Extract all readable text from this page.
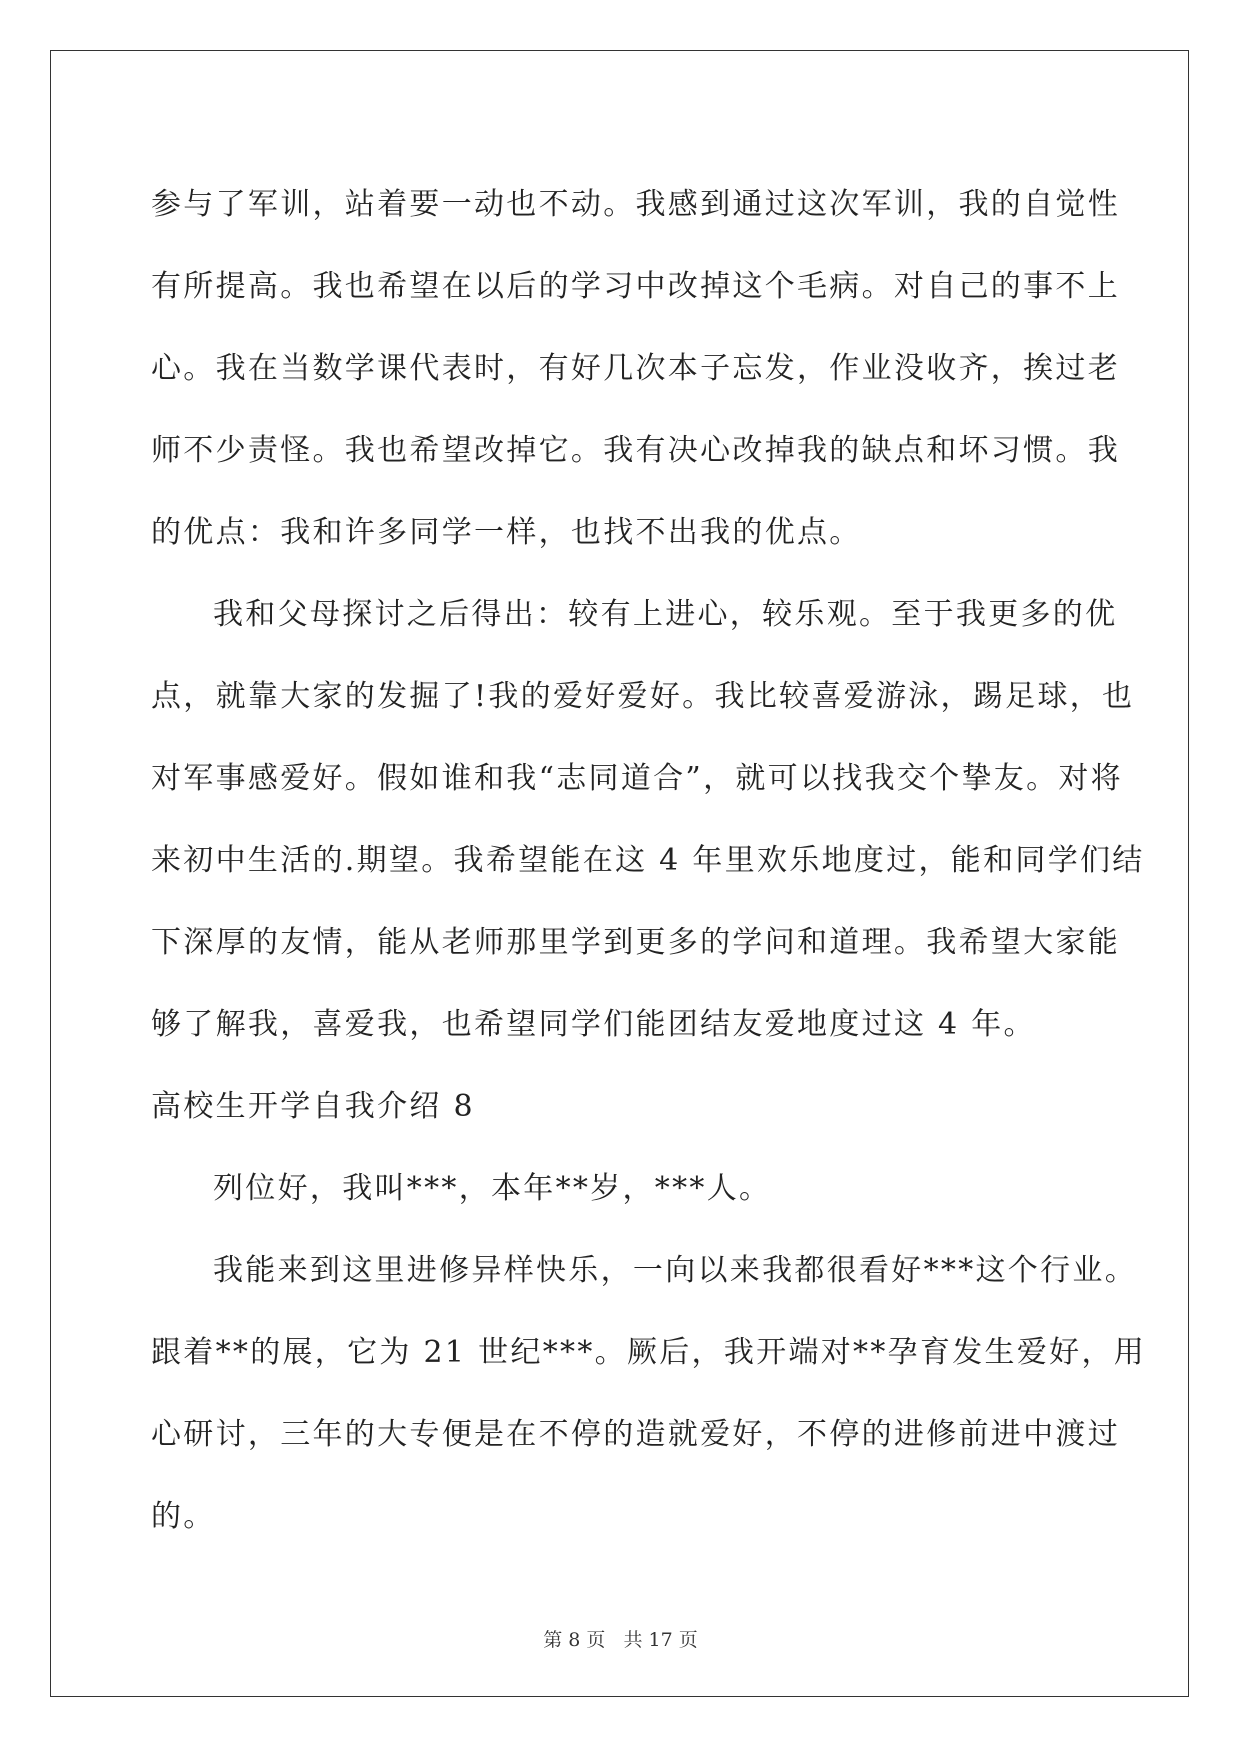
参与了军训，站着要一动也不动。我感到通过这次军训，我的自觉性
有所提高。我也希望在以后的学习中改掉这个毛病。对自己的事不上
心。我在当数学课代表时，有好几次本子忘发，作业没收齐，挨过老
师不少责怪。我也希望改掉它。我有决心改掉我的缺点和坏习惯。我
的优点：我和许多同学一样，也找不出我的优点。
我和父母探讨之后得出：较有上进心，较乐观。至于我更多的优
点，就靠大家的发掘了!我的爱好爱好。我比较喜爱游泳，踢足球，也
对军事感爱好。假如谁和我“志同道合”，就可以找我交个挚友。对将
来初中生活的.期望。我希望能在这 4 年里欢乐地度过，能和同学们结
下深厚的友情，能从老师那里学到更多的学问和道理。我希望大家能
够了解我，喜爱我，也希望同学们能团结友爱地度过这 4 年。
高校生开学自我介绍 8
列位好，我叫***，本年**岁，***人。
我能来到这里进修异样快乐，一向以来我都很看好***这个行业。
跟着**的展，它为 21 世纪***。厥后，我开端对**孕育发生爱好，用
心研讨，三年的大专便是在不停的造就爱好，不停的进修前进中渡过
的。
第 8 页 共 17 页
